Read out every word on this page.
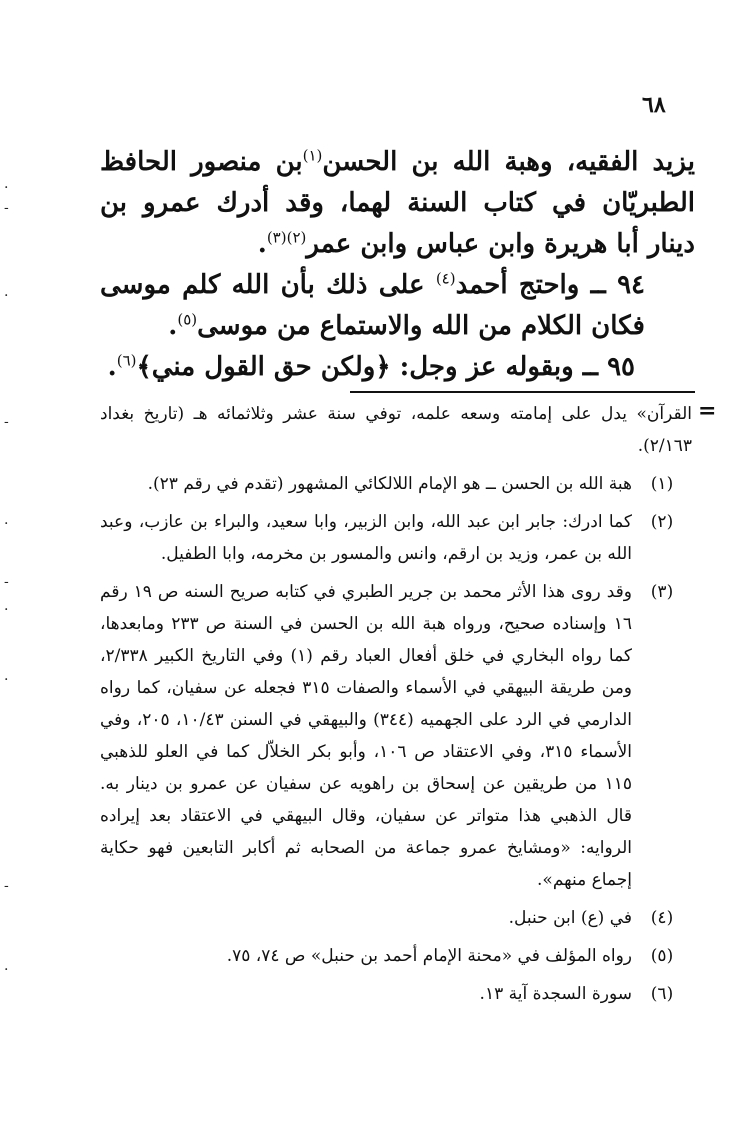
٦٨

يزيد الفقيه، وهبة الله بن الحسن$^{(١)}$بن منصور الحافظ الطبريّان في كتاب السنة لهما، وقد أدرك عمرو بن دينار أبا هريرة وابن عباس وابن عمر$^{(٢)(٣)}$.

٩٤ ــ واحتج أحمد$^{(٤)}$ على ذلك بأن الله كلم موسى فكان الكلام من الله والاستماع من موسى$^{(٥)}$.

٩٥ ــ وبقوله عز وجل: ﴿ولكن حق القول مني﴾$^{(٦)}$.

=

القرآن» يدل على إمامته وسعه علمه، توفي سنة عشر وثلاثمائه هـ (تاريخ بغداد ٢/١٦٣).

(١)
هبة الله بن الحسن ــ هو الإمام اللالكائي المشهور (تقدم في رقم ٢٣).
(٢)
كما ادرك: جابر ابن عبد الله، وابن الزبير، وابا سعيد، والبراء بن عازب، وعبد الله بن عمر، وزيد بن ارقم، وانس والمسور بن مخرمه، وابا الطفيل.
(٣)
وقد روى هذا الأثر محمد بن جرير الطبري في كتابه صريح السنه ص ١٩ رقم ١٦ وإسناده صحيح، ورواه هبة الله بن الحسن في السنة ص ٢٣٣ ومابعدها، كما رواه البخاري في خلق أفعال العباد رقم (١) وفي التاريخ الكبير ٢/٣٣٨، ومن طريقة البيهقي في الأسماء والصفات ٣١٥ فجعله عن سفيان، كما رواه الدارمي في الرد على الجهميه (٣٤٤) والبيهقي في السنن ١٠/٤٣، ٢٠٥، وفي الأسماء ٣١٥، وفي الاعتقاد ص ١٠٦، وأبو بكر الخلاّل كما في العلو للذهبي ١١٥ من طريقين عن إسحاق بن راهويه عن سفيان عن عمرو بن دينار به. قال الذهبي هذا متواتر عن سفيان، وقال البيهقي في الاعتقاد بعد إيراده الروايه: «ومشايخ عمرو جماعة من الصحابه ثم أكابر التابعين فهو حكاية إجماع منهم».
(٤)
في (ع) ابن حنبل.
(٥)
رواه المؤلف في «محنة الإمام أحمد بن حنبل» ص ٧٤، ٧٥.
(٦)
سورة السجدة آية ١٣.
.
-
.
-
.
-
.
.
-
.
